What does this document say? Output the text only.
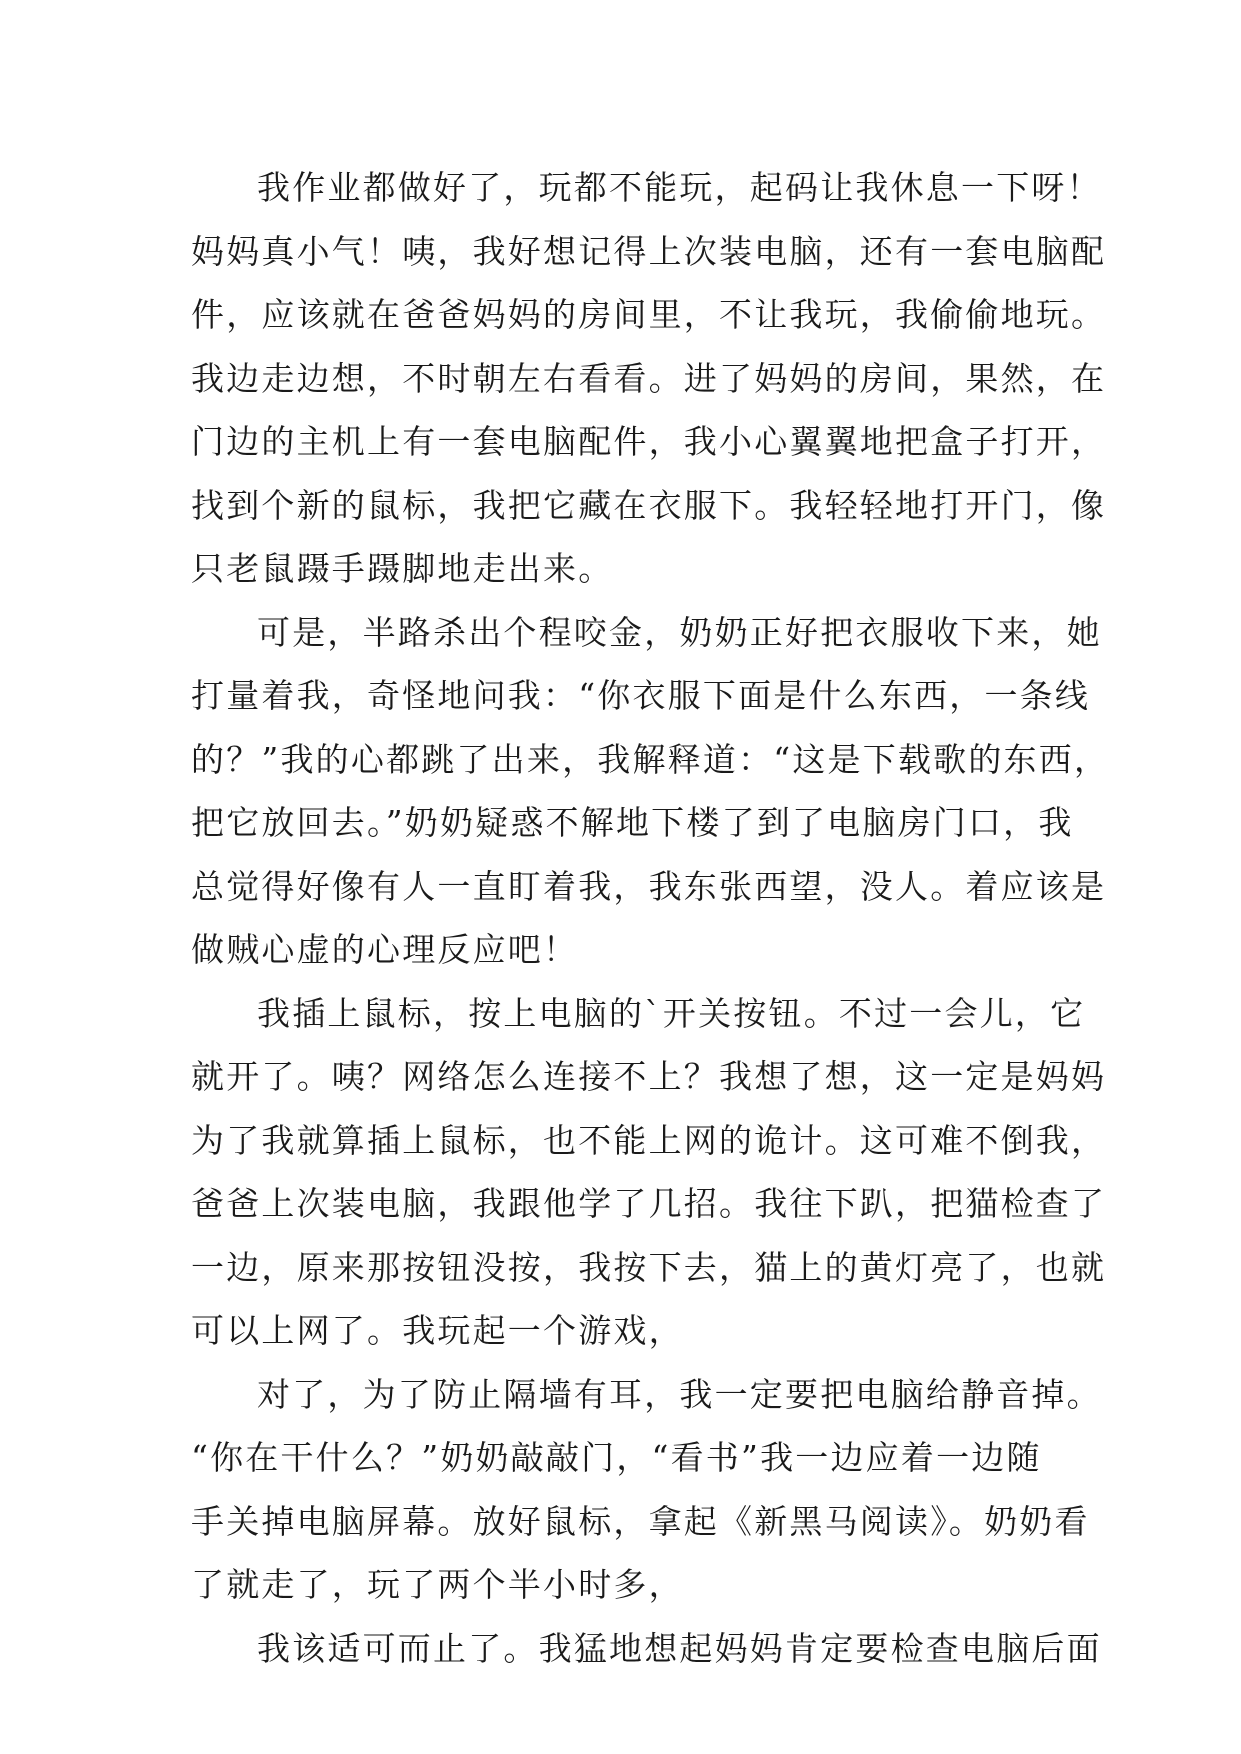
我作业都做好了，玩都不能玩，起码让我休息一下呀！
妈妈真小气！咦，我好想记得上次装电脑，还有一套电脑配
件，应该就在爸爸妈妈的房间里，不让我玩，我偷偷地玩。
我边走边想，不时朝左右看看。进了妈妈的房间，果然，在
门边的主机上有一套电脑配件，我小心翼翼地把盒子打开，
找到个新的鼠标，我把它藏在衣服下。我轻轻地打开门，像
只老鼠蹑手蹑脚地走出来。
可是，半路杀出个程咬金，奶奶正好把衣服收下来，她
打量着我，奇怪地问我：“你衣服下面是什么东西，一条线
的？”我的心都跳了出来，我解释道：“这是下载歌的东西，
把它放回去。”奶奶疑惑不解地下楼了到了电脑房门口，我
总觉得好像有人一直盯着我，我东张西望，没人。着应该是
做贼心虚的心理反应吧！
我插上鼠标，按上电脑的`开关按钮。不过一会儿，它
就开了。咦？网络怎么连接不上？我想了想，这一定是妈妈
为了我就算插上鼠标，也不能上网的诡计。这可难不倒我，
爸爸上次装电脑，我跟他学了几招。我往下趴，把猫检查了
一边，原来那按钮没按，我按下去，猫上的黄灯亮了，也就
可以上网了。我玩起一个游戏，
对了，为了防止隔墙有耳，我一定要把电脑给静音掉。
“你在干什么？”奶奶敲敲门，“看书”我一边应着一边随
手关掉电脑屏幕。放好鼠标，拿起《新黑马阅读》。奶奶看
了就走了，玩了两个半小时多，
我该适可而止了。我猛地想起妈妈肯定要检查电脑后面
